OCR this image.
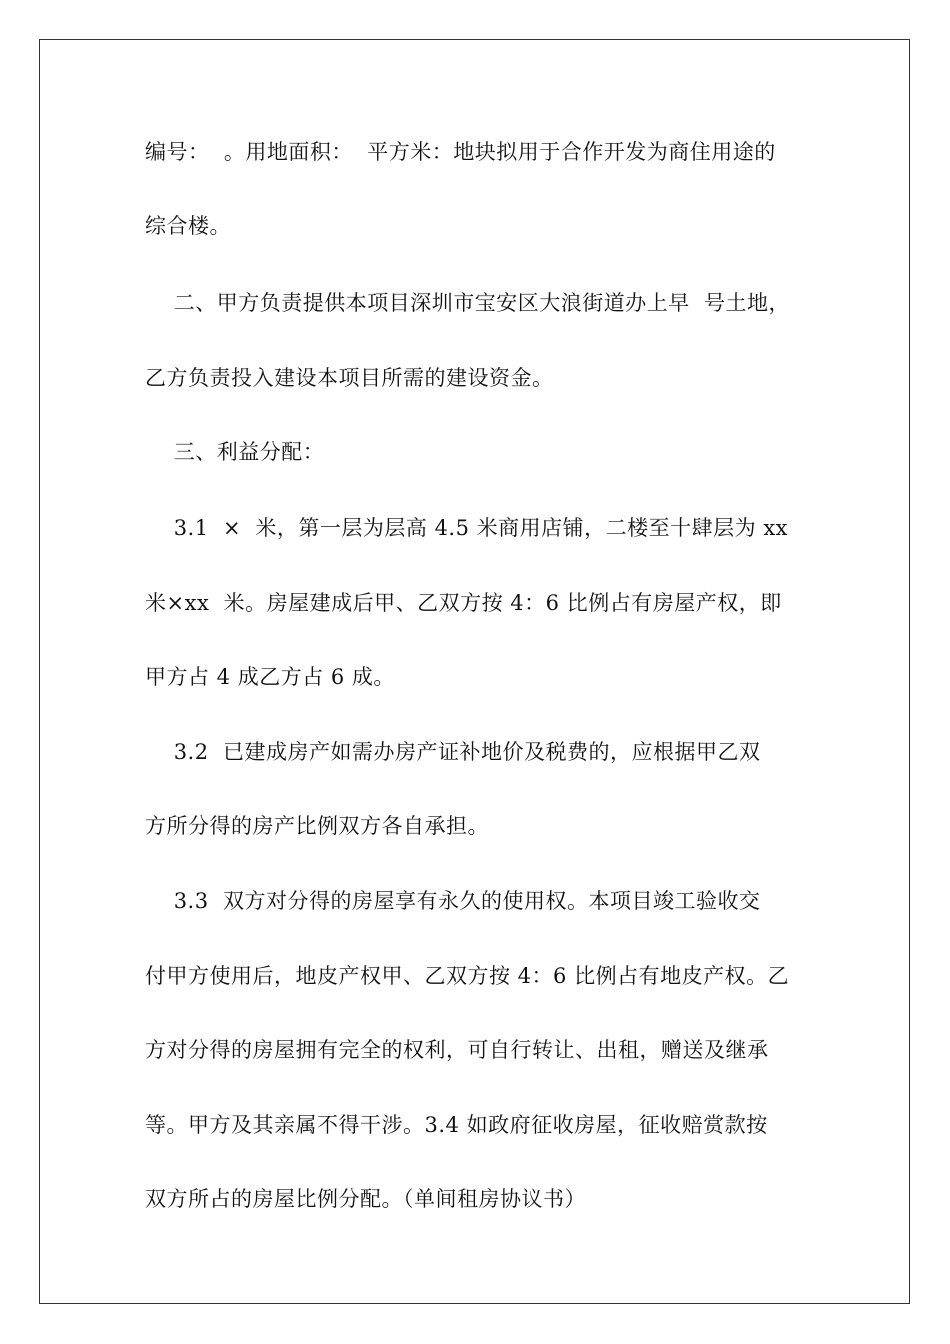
编号：  。用地面积：  平方米：地块拟用于合作开发为商住用途的
综合楼。
二、甲方负责提供本项目深圳市宝安区大浪街道办上早  号土地，
乙方负责投入建设本项目所需的建设资金。
三、利益分配：
3.1  ×  米，第一层为层高 4.5 米商用店铺，二楼至十肆层为 xx
米×xx  米。房屋建成后甲、乙双方按 4：6 比例占有房屋产权，即
甲方占 4 成乙方占 6 成。
3.2  已建成房产如需办房产证补地价及税费的，应根据甲乙双
方所分得的房产比例双方各自承担。
3.3  双方对分得的房屋享有永久的使用权。本项目竣工验收交
付甲方使用后，地皮产权甲、乙双方按 4：6 比例占有地皮产权。乙
方对分得的房屋拥有完全的权利，可自行转让、出租，赠送及继承
等。甲方及其亲属不得干涉。3.4 如政府征收房屋，征收赔赏款按
双方所占的房屋比例分配。（单间租房协议书）
